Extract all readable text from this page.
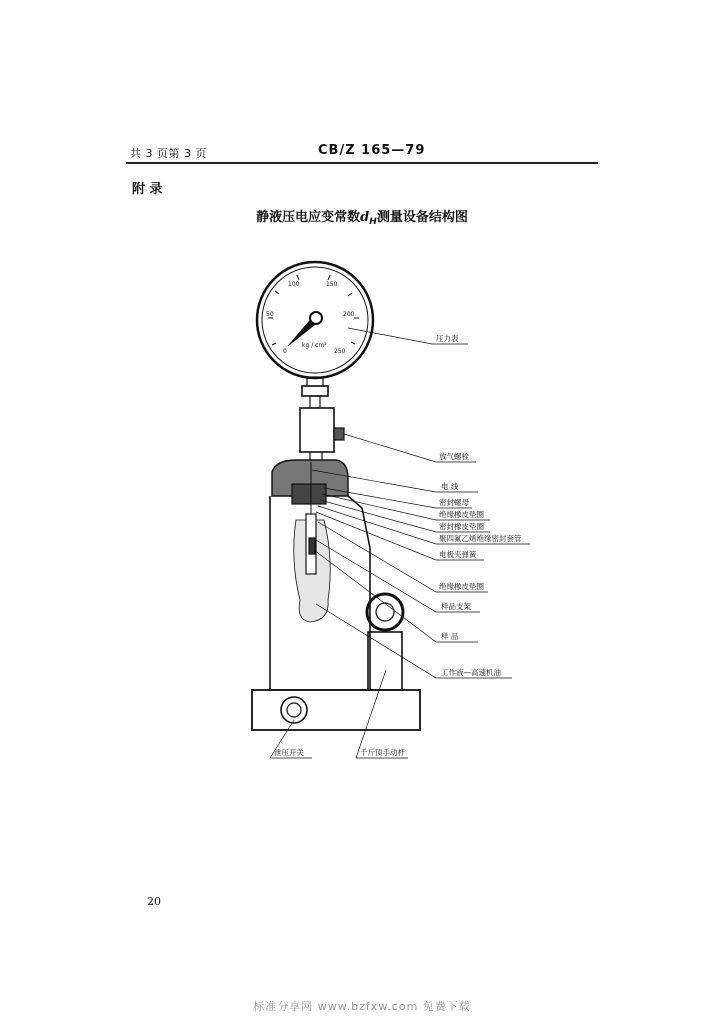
共 3 页第 3 页	CB/Z 165—79
附 录
静液压电应变常数$d_H$测量设备结构图
0
50
100	150
200
250
kg / cm²
压力表
放气螺栓
电 线
密封螺母
绝缘橡皮垫圈
密封橡皮垫圈
聚四氟乙烯绝缘密封套管
电极夹弹簧
绝缘橡皮垫圈
样品支架
样 品
工作液—高速机油
泄压开关	千斤顶手动杆
20
标准分享网 www.bzfxw.com 免费下载
